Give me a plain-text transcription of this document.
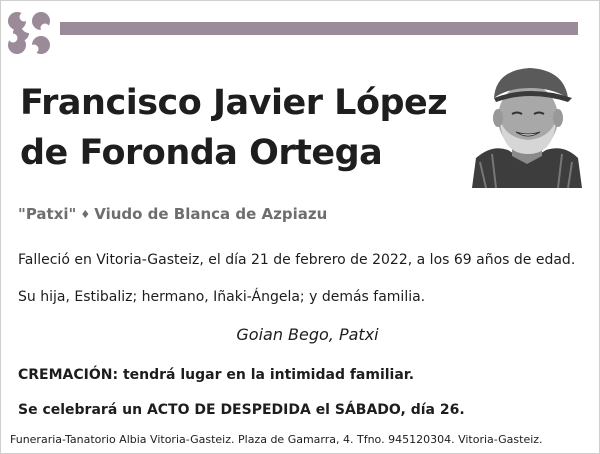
Francisco Javier López
de Foronda Ortega
"Patxi" ♦ Viudo de Blanca de Azpiazu
Falleció en Vitoria-Gasteiz, el día 21 de febrero de 2022, a los 69 años de edad.
Su hija, Estibaliz; hermano, Iñaki-Ángela; y demás familia.
Goian Bego, Patxi
CREMACIÓN: tendrá lugar en la intimidad familiar.
Se celebrará un ACTO DE DESPEDIDA el SÁBADO, día 26.
Funeraria-Tanatorio Albia Vitoria-Gasteiz. Plaza de Gamarra, 4. Tfno. 945120304. Vitoria-Gasteiz.
